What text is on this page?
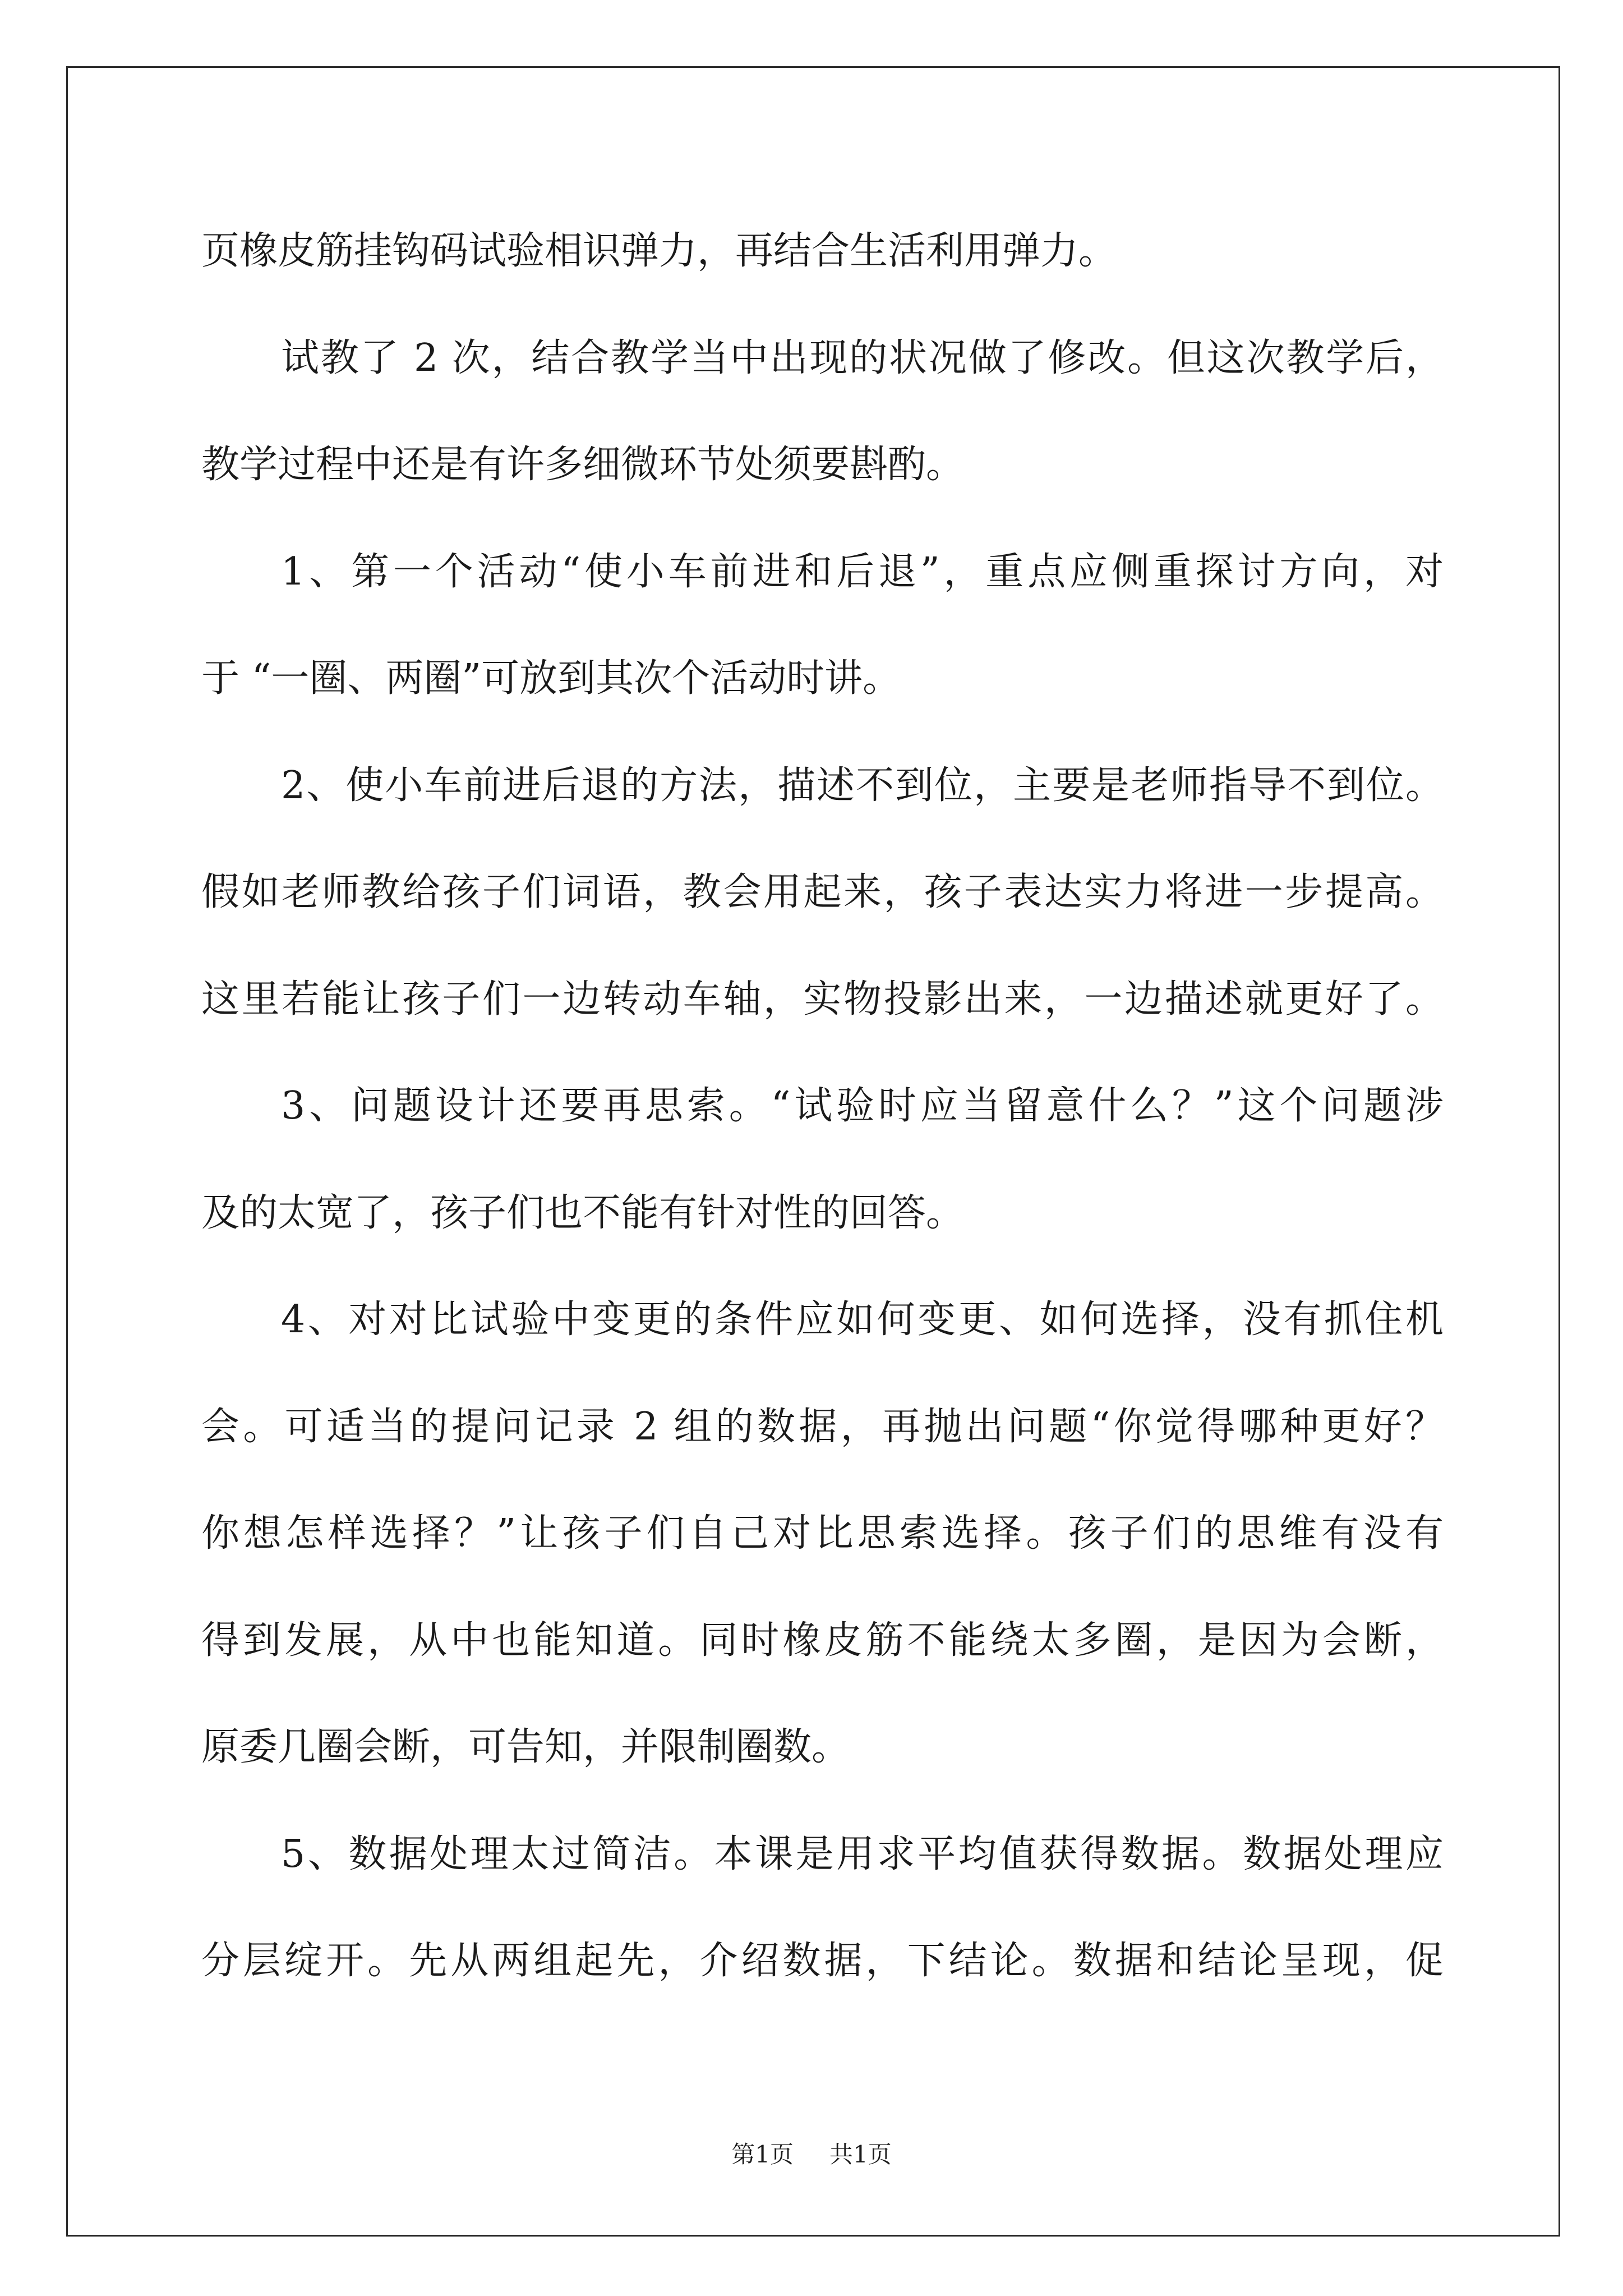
页橡皮筋挂钩码试验相识弹力，再结合生活利用弹力。
试教了 2 次，结合教学当中出现的状况做了修改。但这次教学后，
教学过程中还是有许多细微环节处须要斟酌。
1、第一个活动“使小车前进和后退”，重点应侧重探讨方向，对
于 “一圈、两圈”可放到其次个活动时讲。
2、使小车前进后退的方法，描述不到位，主要是老师指导不到位。
假如老师教给孩子们词语，教会用起来，孩子表达实力将进一步提高。
这里若能让孩子们一边转动车轴，实物投影出来，一边描述就更好了。
3、问题设计还要再思索。“试验时应当留意什么？”这个问题涉
及的太宽了，孩子们也不能有针对性的回答。
4、对对比试验中变更的条件应如何变更、如何选择，没有抓住机
会。可适当的提问记录 2 组的数据，再抛出问题“你觉得哪种更好？
你想怎样选择？”让孩子们自己对比思索选择。孩子们的思维有没有
得到发展，从中也能知道。同时橡皮筋不能绕太多圈，是因为会断，
原委几圈会断，可告知，并限制圈数。
5、数据处理太过简洁。本课是用求平均值获得数据。数据处理应
分层绽开。先从两组起先，介绍数据，下结论。数据和结论呈现，促
第1页 共1页
